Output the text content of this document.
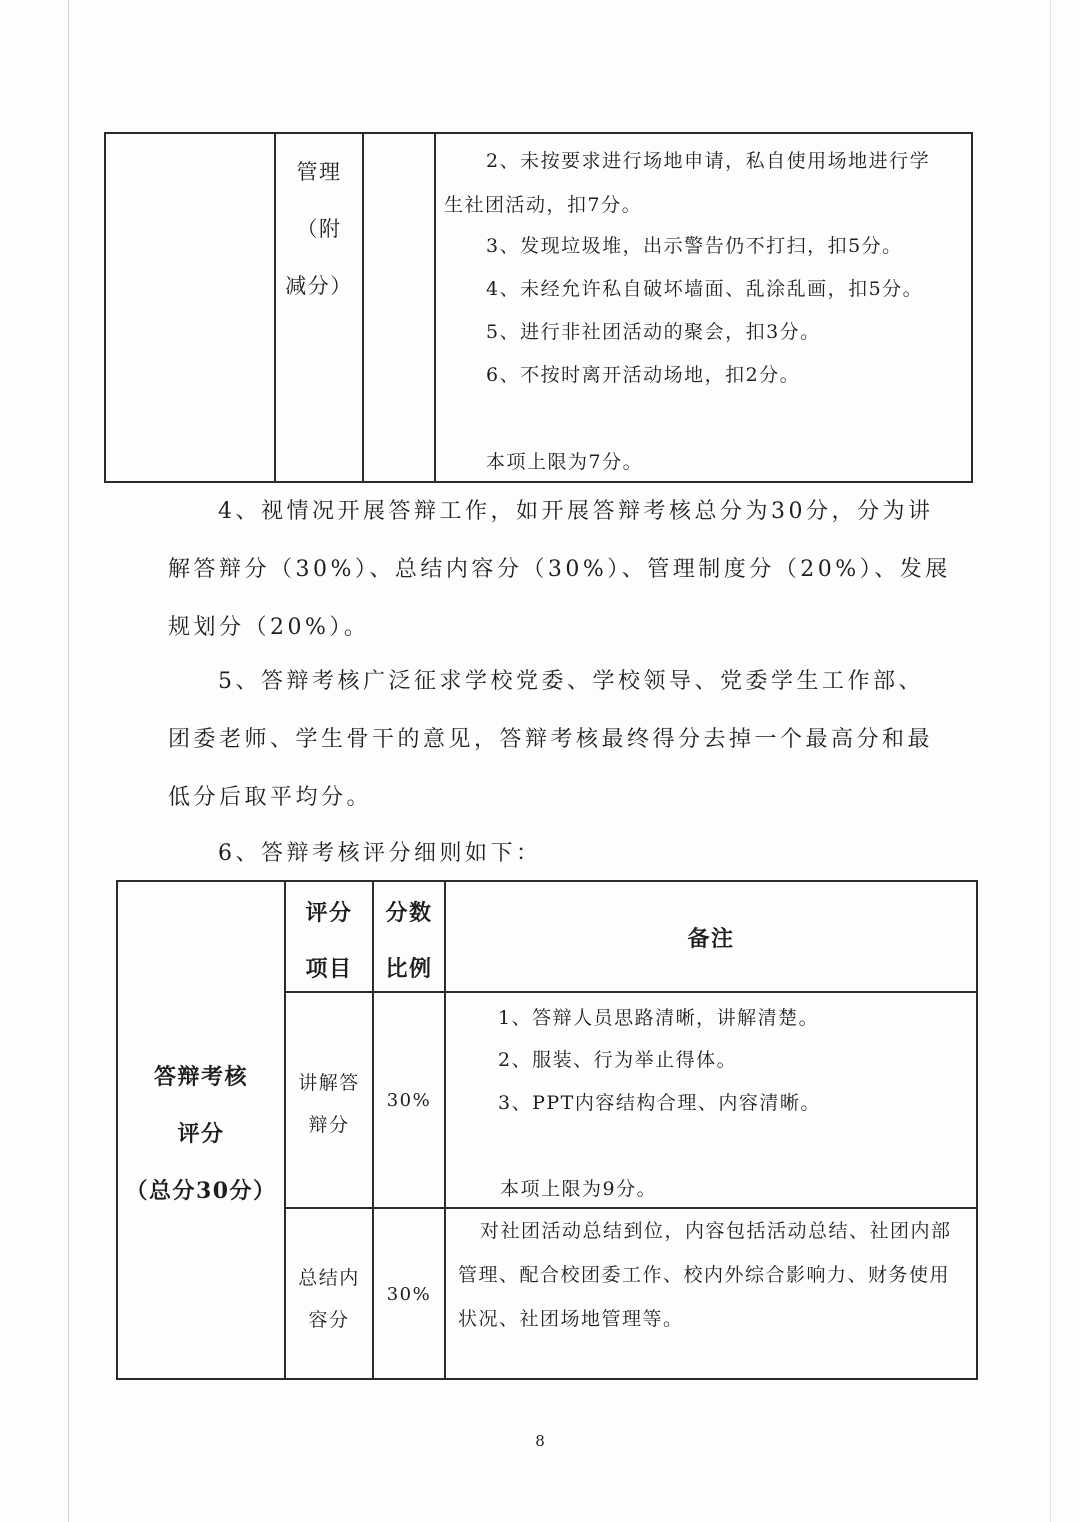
管理
（附
减分）
2、未按要求进行场地申请，私自使用场地进行学
生社团活动，扣7分。
3、发现垃圾堆，出示警告仍不打扫，扣5分。
4、未经允许私自破坏墙面、乱涂乱画，扣5分。
5、进行非社团活动的聚会，扣3分。
6、不按时离开活动场地，扣2分。
本项上限为7分。
4、视情况开展答辩工作，如开展答辩考核总分为30分，分为讲
解答辩分（30%）、总结内容分（30%）、管理制度分（20%）、发展
规划分（20%）。
5、答辩考核广泛征求学校党委、学校领导、党委学生工作部、
团委老师、学生骨干的意见，答辩考核最终得分去掉一个最高分和最
低分后取平均分。
6、答辩考核评分细则如下：
答辩考核
评分
（总分30分）
评分
项目
分数
比例
备注
讲解答
辩分
30%
1、答辩人员思路清晰，讲解清楚。
2、服装、行为举止得体。
3、PPT内容结构合理、内容清晰。
本项上限为9分。
总结内
容分
30%
对社团活动总结到位，内容包括活动总结、社团内部
管理、配合校团委工作、校内外综合影响力、财务使用
状况、社团场地管理等。
8
